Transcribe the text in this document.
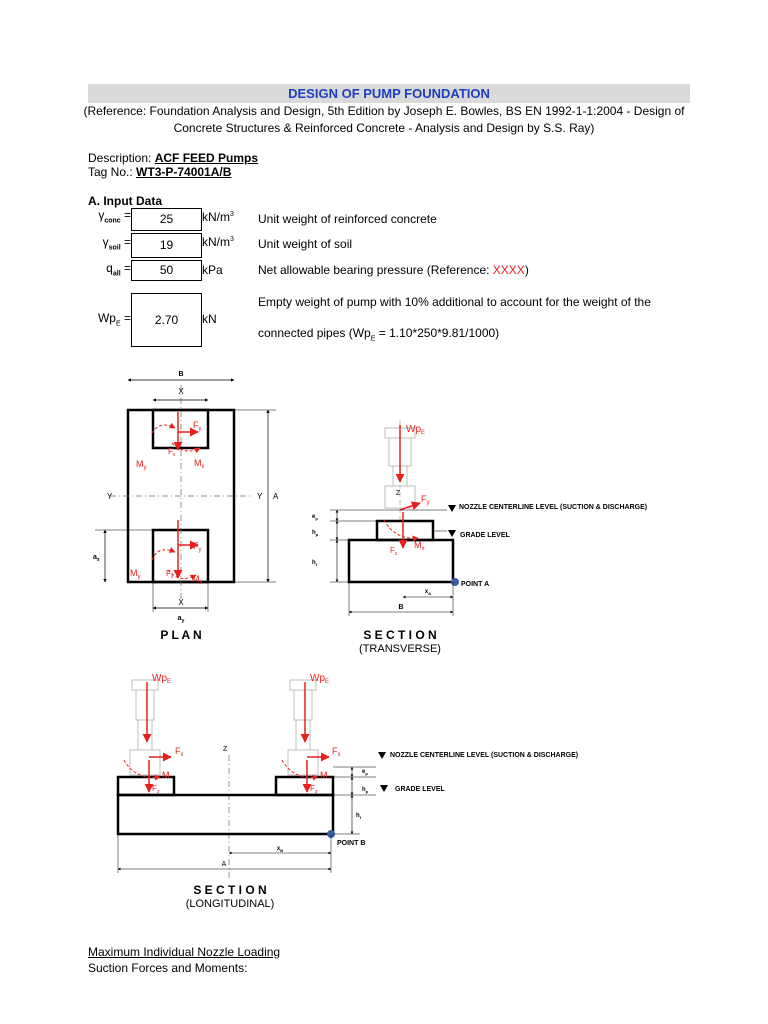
DESIGN OF PUMP FOUNDATION
(Reference: Foundation Analysis and Design, 5th Edition by Joseph E. Bowles, BS EN 1992-1-1:2004 - Design of
Concrete Structures & Reinforced Concrete - Analysis and Design by S.S. Ray)
Description: ACF FEED Pumps
Tag No.: WT3-P-74001A/B
A. Input Data
$\gamma_{conc}$ =	25	$kN/m^3$ Unit weight of reinforced concrete
$\gamma_{soil}$ =	19	$kN/m^3$ Unit weight of soil
$q_{all}$ =	50	kPa	Net allowable bearing pressure (Reference: XXXX)
$Wp_E$ =	2.70	kN
Empty weight of pump with 10% additional to account for the weight of the
connected pipes $(Wp_E = 1.10*250*9.81/1000)$
B
X
A
Y	Y
$a_x$
X
$a_y$
$F_y$
$F_x$
$M_y$	$M_x$
$F_y$
$F_x$
$M_y$	$M_x$
$Wp_E$
$F_y$
$M_x$
$F_z$
Z
NOZZLE CENTERLINE LEVEL (SUCTION & DISCHARGE)
GRADE LEVEL
$e_p$
$h_p$
$h_f$
$x_A$
B
POINT A
P L A N	S E C T I O N
(TRANSVERSE)
$Wp_E$	$Wp_E$
$F_x$	$F_x$
M	M
$F_z$	$F_z$
Z
NOZZLE CENTERLINE LEVEL (SUCTION & DISCHARGE)
GRADE LEVEL
$e_p$
$h_p$
$h_f$
POINT B
$x_B$
A
S E C T I O N
(LONGITUDINAL)
Maximum Individual Nozzle Loading
Suction Forces and Moments:
